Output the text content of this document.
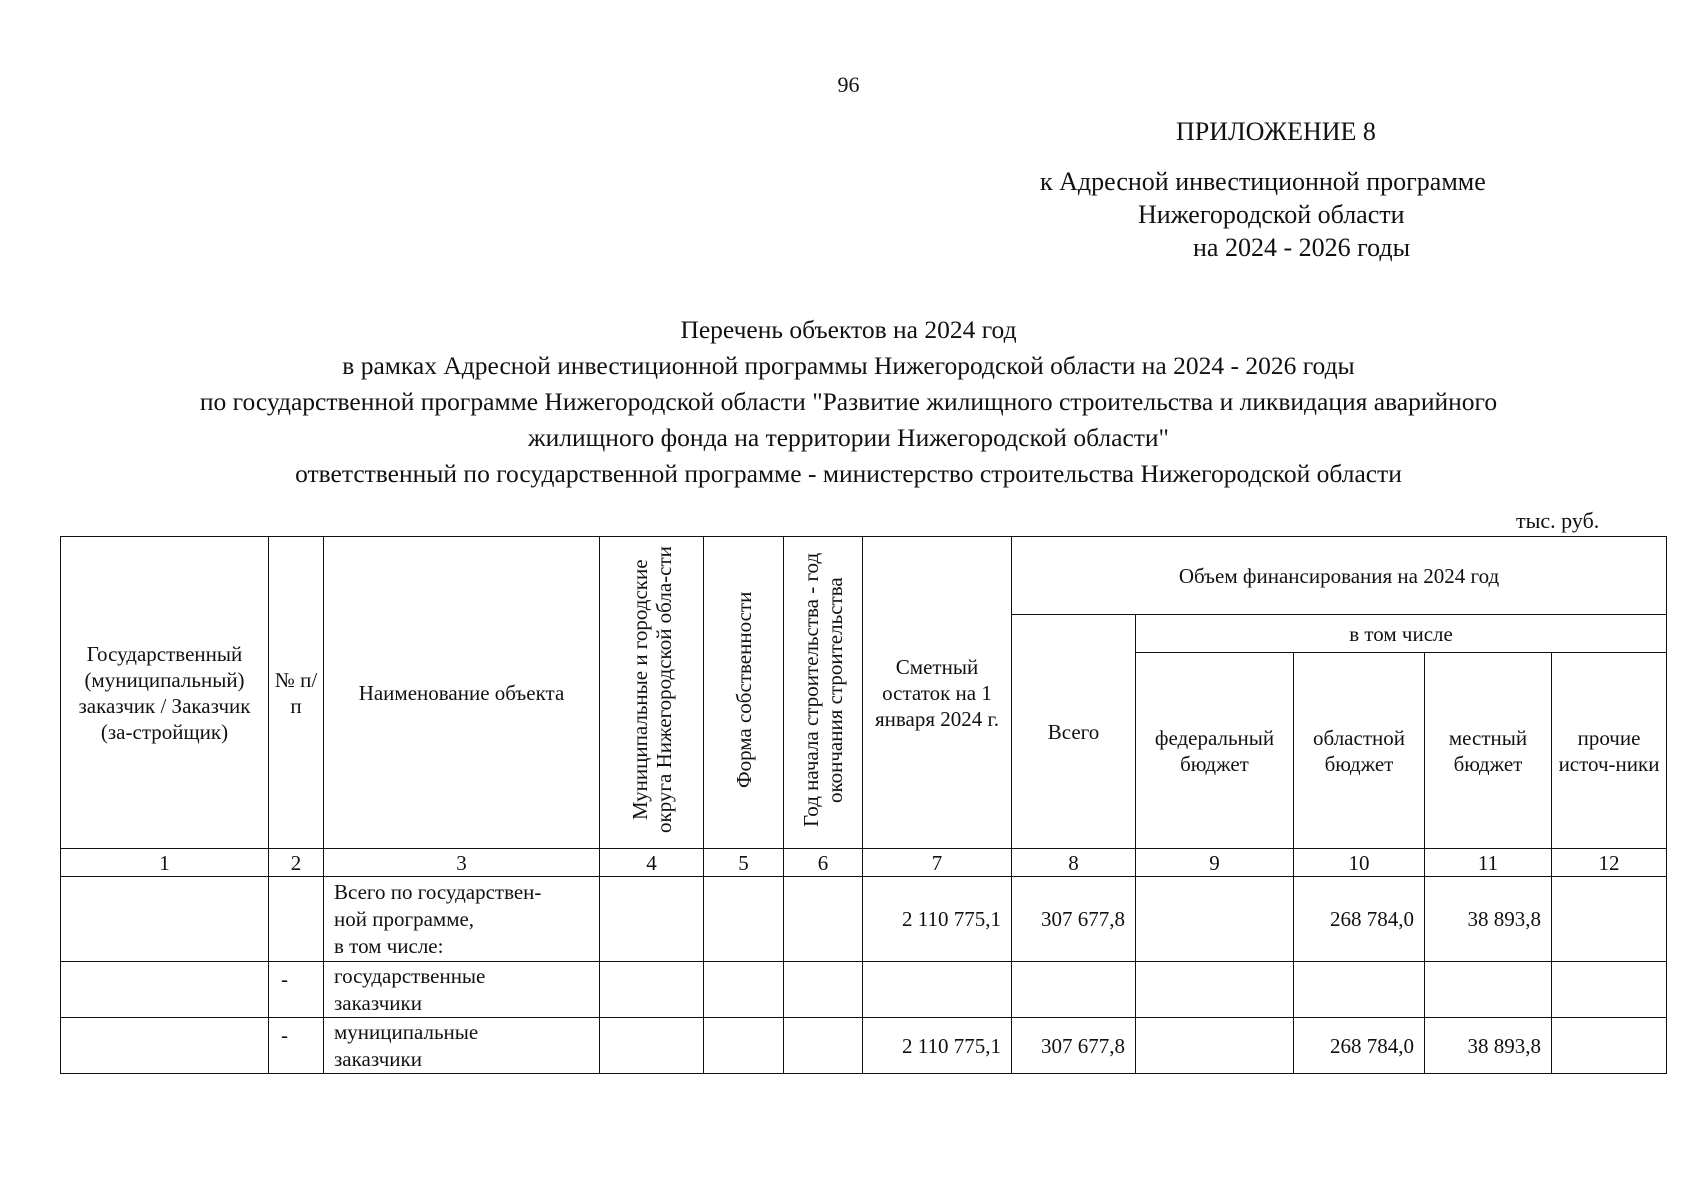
96
ПРИЛОЖЕНИЕ 8
к Адресной инвестиционной программе
Нижегородской области
на 2024 - 2026 годы
Перечень объектов на 2024 год
в рамках Адресной инвестиционной программы Нижегородской области на 2024 - 2026 годы
по государственной программе Нижегородской области "Развитие жилищного строительства и ликвидация аварийного
жилищного фонда на территории Нижегородской области"
ответственный по государственной программе - министерство строительства Нижегородской области
тыс. руб.
Государственный (муниципальный) заказчик / Заказчик (за-стройщик)	№ п/п	Наименование объекта	Муниципальные и городские округа Нижегородской обла-сти	Форма собственности	Год начала строительства - год окончания строительства	Сметный остаток на 1 января 2024 г.	Объем финансирования на 2024 год				
							Всего	в том числе			
								федеральный бюджет	областной бюджет	местный бюджет	прочие источ-ники
1	2	3	4	5	6	7	8	9	10	11	12

		Всего по государствен-
ной программе,
в том числе:				2 110 775,1	307 677,8		268 784,0	38 893,8	
	-	государственные
заказчики									

	-	муниципальные
заказчики				2 110 775,1	307 677,8		268 784,0	38 893,8	
